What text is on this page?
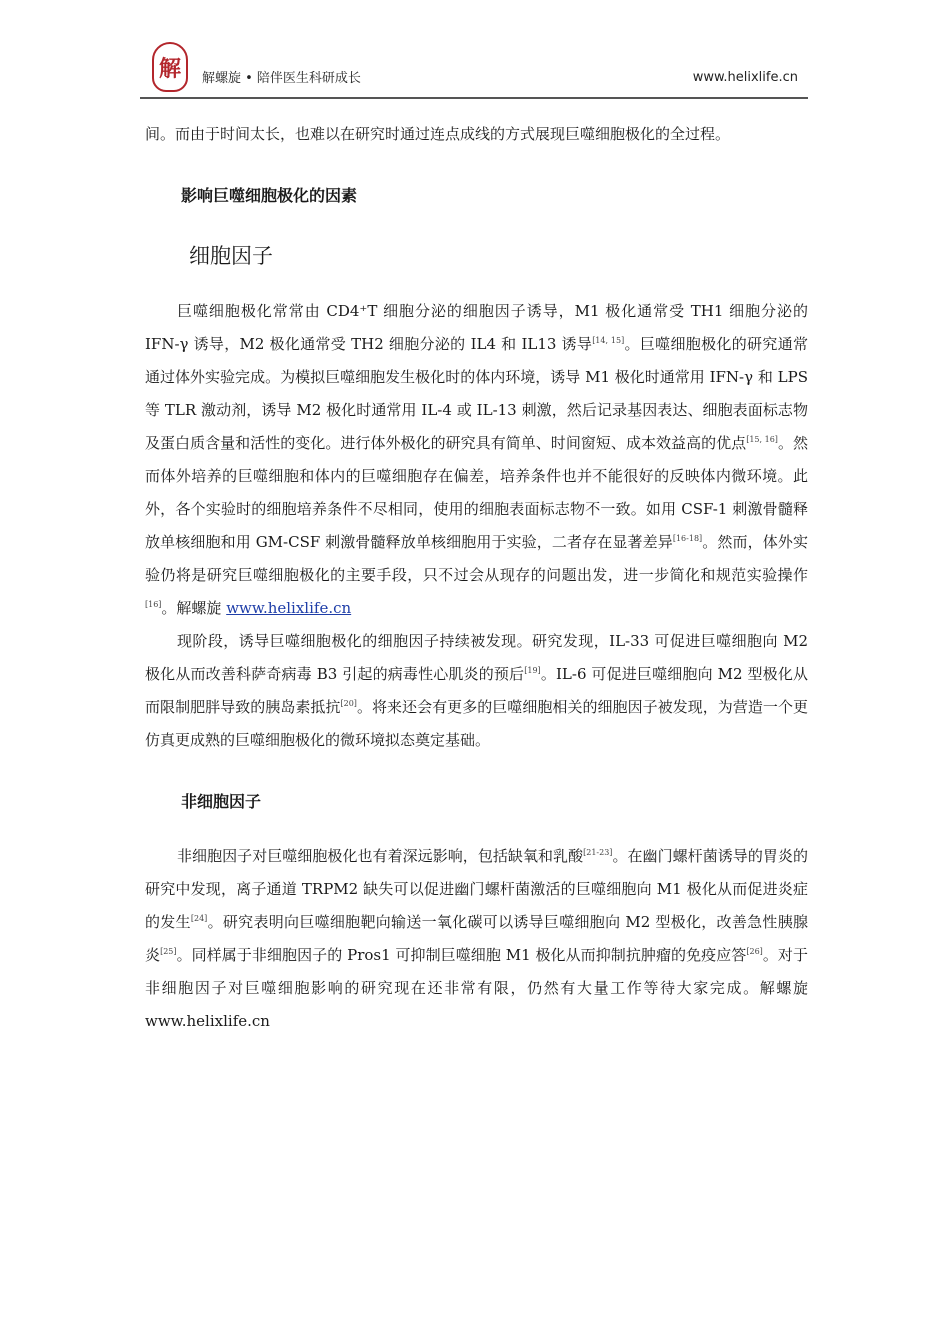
解 解螺旋 • 陪伴医生科研成长	www.helixlife.cn

间。而由于时间太长，也难以在研究时通过连点成线的方式展现巨噬细胞极化的全过程。

影响巨噬细胞极化的因素
细胞因子

巨噬细胞极化常常由 CD4⁺T 细胞分泌的细胞因子诱导，M1 极化通常受 TH1 细胞分泌的 IFN-γ 诱导，M2 极化通常受 TH2 细胞分泌的 IL4 和 IL13 诱导[14, 15]。巨噬细胞极化的研究通常通过体外实验完成。为模拟巨噬细胞发生极化时的体内环境，诱导 M1 极化时通常用 IFN-γ 和 LPS 等 TLR 激动剂，诱导 M2 极化时通常用 IL-4 或 IL-13 刺激，然后记录基因表达、细胞表面标志物及蛋白质含量和活性的变化。进行体外极化的研究具有简单、时间窗短、成本效益高的优点[15, 16]。然而体外培养的巨噬细胞和体内的巨噬细胞存在偏差，培养条件也并不能很好的反映体内微环境。此外，各个实验时的细胞培养条件不尽相同，使用的细胞表面标志物不一致。如用 CSF-1 刺激骨髓释放单核细胞和用 GM-CSF 刺激骨髓释放单核细胞用于实验，二者存在显著差异[16-18]。然而，体外实验仍将是研究巨噬细胞极化的主要手段，只不过会从现存的问题出发，进一步简化和规范实验操作[16]。解螺旋 www.helixlife.cn

现阶段，诱导巨噬细胞极化的细胞因子持续被发现。研究发现，IL-33 可促进巨噬细胞向 M2 极化从而改善科萨奇病毒 B3 引起的病毒性心肌炎的预后[19]。IL-6 可促进巨噬细胞向 M2 型极化从而限制肥胖导致的胰岛素抵抗[20]。将来还会有更多的巨噬细胞相关的细胞因子被发现，为营造一个更仿真更成熟的巨噬细胞极化的微环境拟态奠定基础。

非细胞因子

非细胞因子对巨噬细胞极化也有着深远影响，包括缺氧和乳酸[21-23]。在幽门螺杆菌诱导的胃炎的研究中发现，离子通道 TRPM2 缺失可以促进幽门螺杆菌激活的巨噬细胞向 M1 极化从而促进炎症的发生[24]。研究表明向巨噬细胞靶向输送一氧化碳可以诱导巨噬细胞向 M2 型极化，改善急性胰腺炎[25]。同样属于非细胞因子的 Pros1 可抑制巨噬细胞 M1 极化从而抑制抗肿瘤的免疫应答[26]。对于非细胞因子对巨噬细胞影响的研究现在还非常有限，仍然有大量工作等待大家完成。解螺旋 www.helixlife.cn
